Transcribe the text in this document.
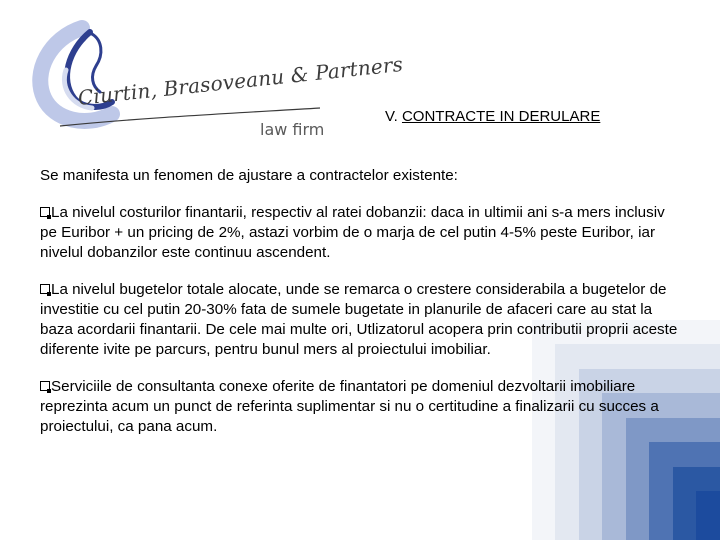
Ciurtin, Brasoveanu & Partners
law firm
V. CONTRACTE IN DERULARE

Se manifesta un fenomen de ajustare a contractelor existente:

La nivelul costurilor finantarii, respectiv al ratei dobanzii: daca in ultimii ani s-a mers inclusiv pe Euribor + un pricing de 2%, astazi vorbim de o marja de cel putin 4-5% peste Euribor, iar nivelul dobanzilor este continuu ascendent.

La nivelul bugetelor totale alocate, unde se remarca o crestere considerabila a bugetelor de investitie cu cel putin 20-30% fata de sumele bugetate in planurile de afaceri care au stat la baza acordarii finantarii. De cele mai multe ori, Utlizatorul acopera prin contributii proprii aceste diferente ivite pe parcurs, pentru bunul mers al proiectului imobiliar.

Serviciile de consultanta conexe oferite de finantatori pe domeniul dezvoltarii imobiliare reprezinta acum un punct de referinta suplimentar si nu o certitudine a finalizarii cu succes a proiectului, ca pana acum.
